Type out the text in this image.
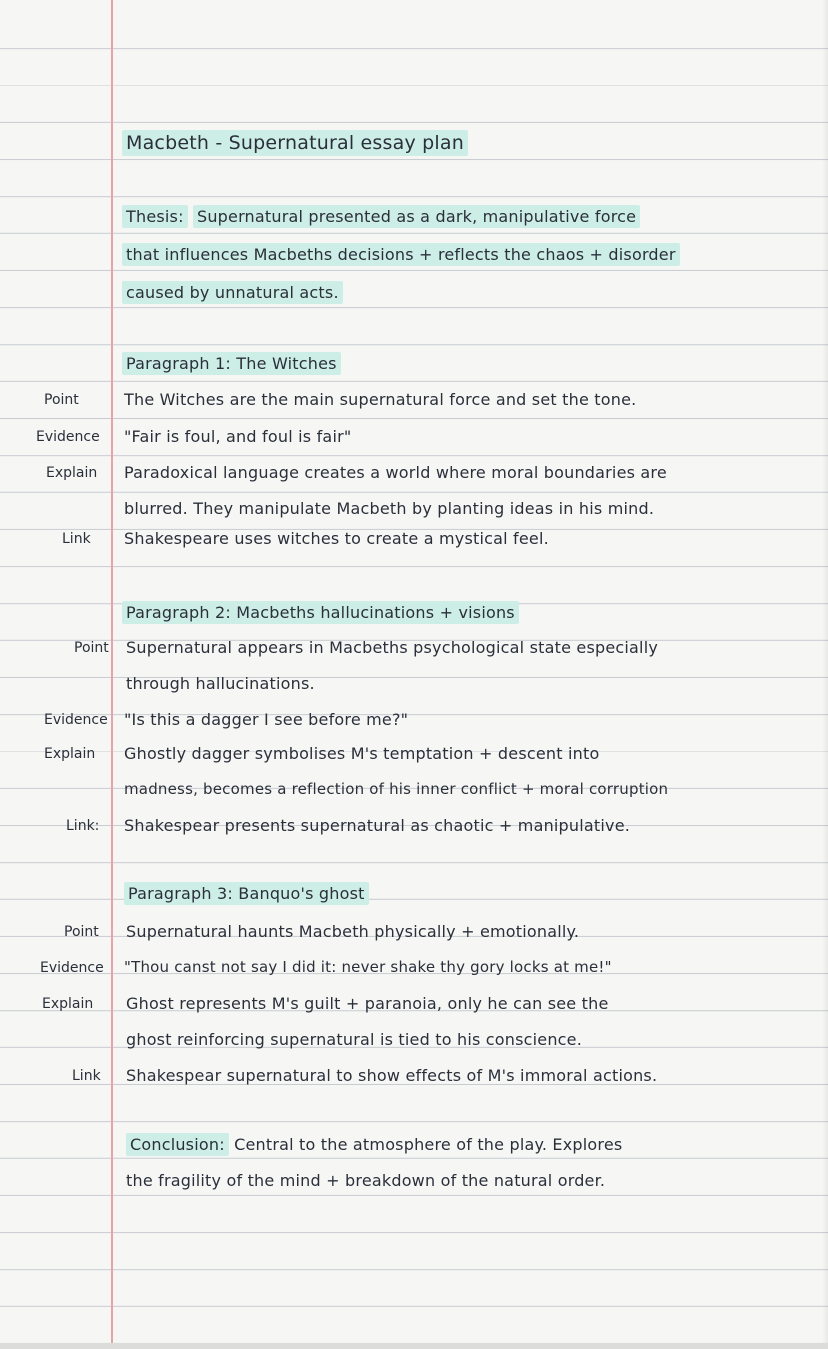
Macbeth - Supernatural essay plan
Thesis: Supernatural presented as a dark, manipulative force
that influences Macbeths decisions + reflects the chaos + disorder
caused by unnatural acts.
Paragraph 1: The Witches
Point	The Witches are the main supernatural force and set the tone.
Evidence "Fair is foul, and foul is fair"
Explain Paradoxical language creates a world where moral boundaries are
blurred. They manipulate Macbeth by planting ideas in his mind.
Link Shakespeare uses witches to create a mystical feel.
Paragraph 2: Macbeths hallucinations + visions
Point Supernatural appears in Macbeths psychological state especially
through hallucinations.
Evidence "Is this a dagger I see before me?"
Explain Ghostly dagger symbolises M's temptation + descent into
madness, becomes a reflection of his inner conflict + moral corruption
Link: Shakespear presents supernatural as chaotic + manipulative.
Paragraph 3: Banquo's ghost
Point Supernatural haunts Macbeth physically + emotionally.
Evidence "Thou canst not say I did it: never shake thy gory locks at me!"
Explain Ghost represents M's guilt + paranoia, only he can see the
ghost reinforcing supernatural is tied to his conscience.
Link Shakespear supernatural to show effects of M's immoral actions.
Conclusion: Central to the atmosphere of the play. Explores
the fragility of the mind + breakdown of the natural order.
